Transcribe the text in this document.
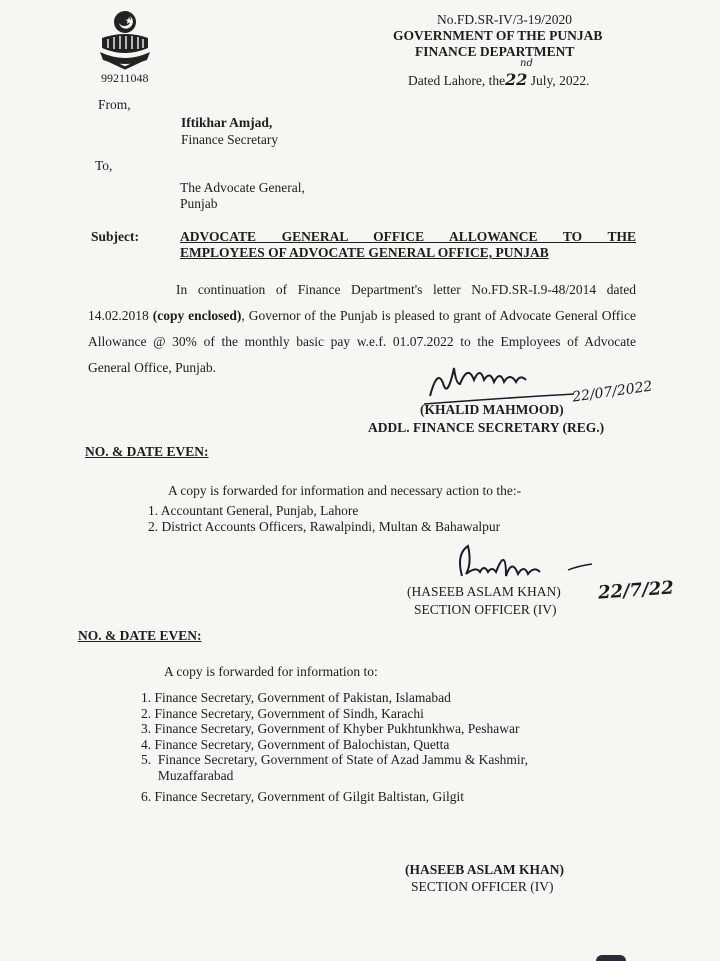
No.FD.SR-IV/3-19/2020
GOVERNMENT OF THE PUNJAB
FINANCE DEPARTMENT
Dated Lahore, the22 July, 2022.
nd
99211048
From,
Iftikhar Amjad,
Finance Secretary
To,
The Advocate General,
Punjab
Subject:	ADVOCATE GENERAL OFFICE ALLOWANCE TO THE
EMPLOYEES OF ADVOCATE GENERAL OFFICE, PUNJAB
In continuation of Finance Department's letter No.FD.SR-I.9-48/2014 dated 14.02.2018 (copy enclosed), Governor of the Punjab is pleased to grant of Advocate General Office Allowance @ 30% of the monthly basic pay w.e.f. 01.07.2022 to the Employees of Advocate General Office, Punjab.
22/07/2022
(KHALID MAHMOOD)
ADDL. FINANCE SECRETARY (REG.)
NO. & DATE EVEN:
A copy is forwarded for information and necessary action to the:-
1. Accountant General, Punjab, Lahore
2. District Accounts Officers, Rawalpindi, Multan & Bahawalpur
22/7/22
(HASEEB ASLAM KHAN)
SECTION OFFICER (IV)
NO. & DATE EVEN:
A copy is forwarded for information to:
1. Finance Secretary, Government of Pakistan, Islamabad
2. Finance Secretary, Government of Sindh, Karachi
3. Finance Secretary, Government of Khyber Pukhtunkhwa, Peshawar
4. Finance Secretary, Government of Balochistan, Quetta
5.  Finance Secretary, Government of State of Azad Jammu & Kashmir,
Muzaffarabad
6. Finance Secretary, Government of Gilgit Baltistan, Gilgit
(HASEEB ASLAM KHAN)
SECTION OFFICER (IV)
